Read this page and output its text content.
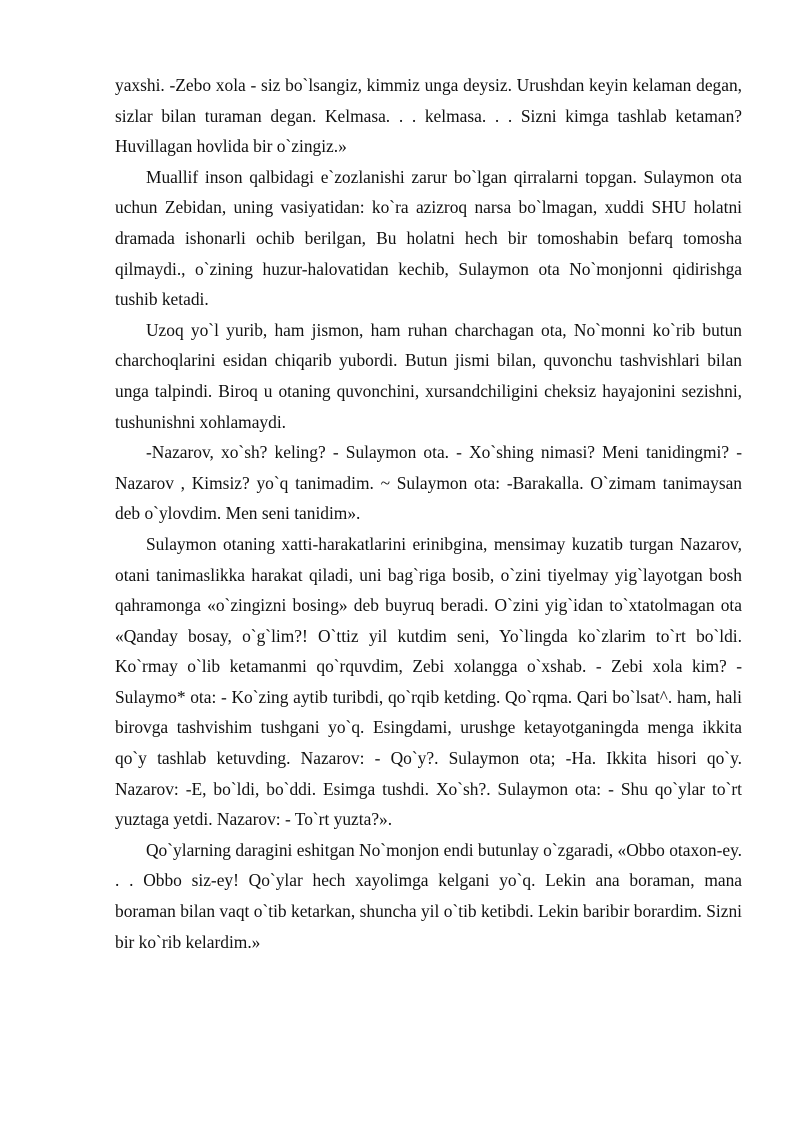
yaxshi. -Zebo xola - siz bo`lsangiz, kimmiz unga deysiz. Urushdan keyin kelaman degan, sizlar bilan turaman degan. Kelmasa. . . kelmasa. . . Sizni kimga tashlab ketaman? Huvillagan hovlida bir o`zingiz.»

Muallif inson qalbidagi e`zozlanishi zarur bo`lgan qirralarni topgan. Sulaymon ota uchun Zebidan, uning vasiyatidan: ko`ra azizroq narsa bo`lmagan, xuddi SHU holatni dramada ishonarli ochib berilgan, Bu holatni hech bir tomoshabin befarq tomosha qilmaydi., o`zining huzur-halovatidan kechib, Sulaymon ota No`monjonni qidirishga tushib ketadi.

Uzoq yo`l yurib, ham jismon, ham ruhan charchagan ota, No`monni ko`rib butun charchoqlarini esidan chiqarib yubordi. Butun jismi bilan, quvonchu tashvishlari bilan unga talpindi. Biroq u otaning quvonchini, xursandchiligini cheksiz hayajonini sezishni, tushunishni xohlamaydi.

-Nazarov, xo`sh? keling? - Sulaymon ota. - Xo`shing nimasi? Meni tanidingmi? - Nazarov , Kimsiz? yo`q tanimadim. ~ Sulaymon ota: -Barakalla. O`zimam tanimaysan deb o`ylovdim. Men seni tanidim».

Sulaymon otaning xatti-harakatlarini erinibgina, mensimay kuzatib turgan Nazarov, otani tanimaslikka harakat qiladi, uni bag`riga bosib, o`zini tiyelmay yig`layotgan bosh qahramonga «o`zingizni bosing» deb buyruq beradi. O`zini yig`idan to`xtatolmagan ota «Qanday bosay, o`g`lim?! O`ttiz yil kutdim seni, Yo`lingda ko`zlarim to`rt bo`ldi. Ko`rmay o`lib ketamanmi qo`rquvdim, Zebi xolangga o`xshab. - Zebi xola kim? -Sulaymo* ota: - Ko`zing aytib turibdi, qo`rqib ketding. Qo`rqma. Qari bo`lsat^. ham, hali birovga tashvishim tushgani yo`q. Esingdami, urushge ketayotganingda menga ikkita qo`y tashlab ketuvding. Nazarov: - Qo`y?. Sulaymon ota; -Ha. Ikkita hisori qo`y. Nazarov: -E, bo`ldi, bo`ddi. Esimga tushdi. Xo`sh?. Sulaymon ota: - Shu qo`ylar to`rt yuztaga yetdi. Nazarov: - To`rt yuzta?».

Qo`ylarning daragini eshitgan No`monjon endi butunlay o`zgaradi, «Obbo otaxon-ey. . . Obbo siz-ey! Qo`ylar hech xayolimga kelgani yo`q. Lekin ana boraman, mana boraman bilan vaqt o`tib ketarkan, shuncha yil o`tib ketibdi. Lekin baribir borardim. Sizni bir ko`rib kelardim.»
